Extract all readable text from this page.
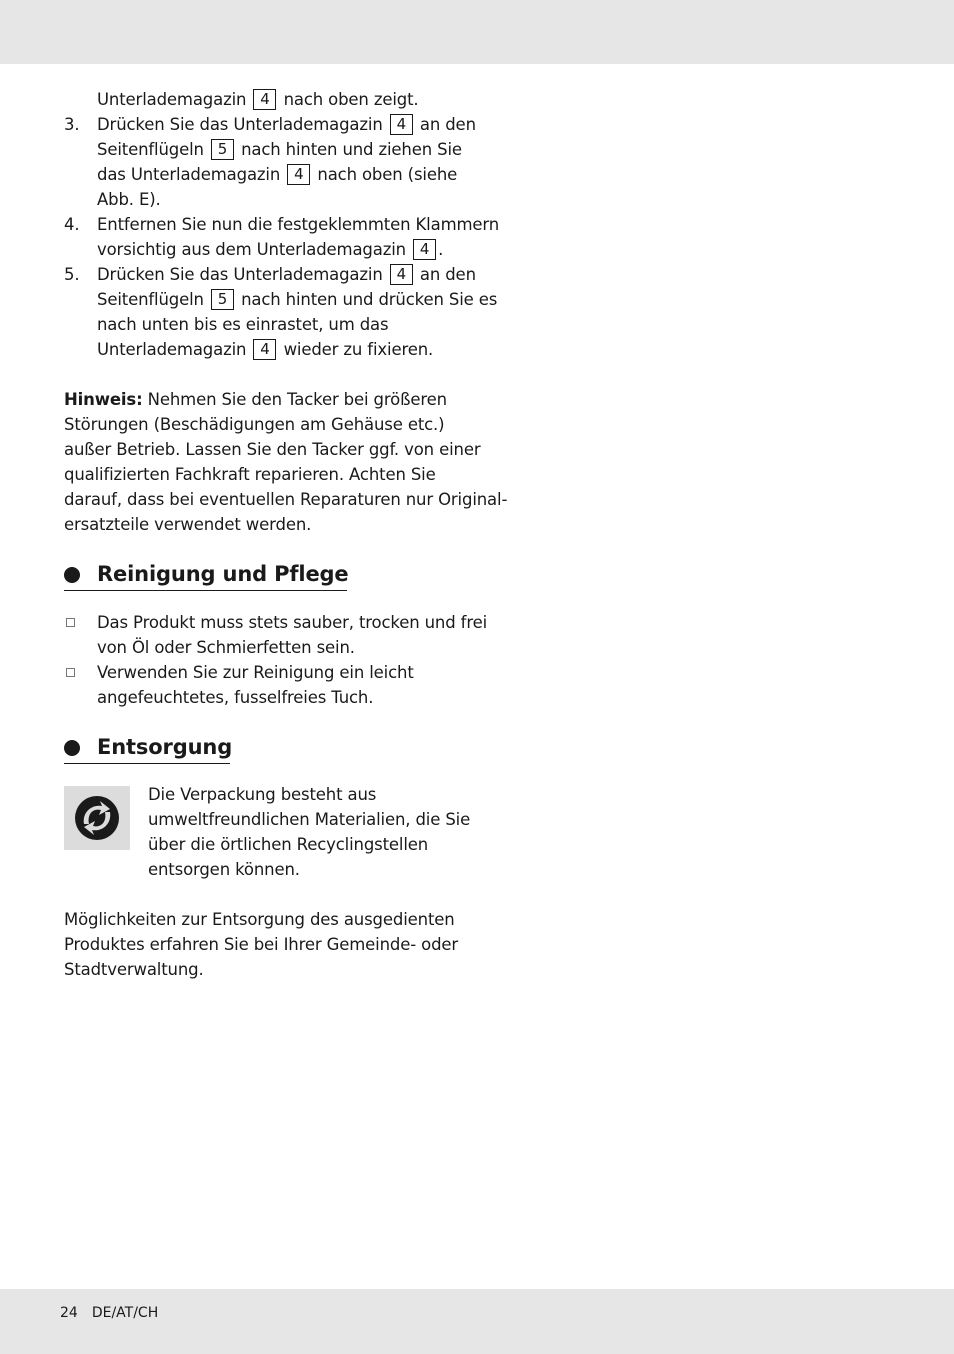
Unterlademagazin 4 nach oben zeigt.
3. Drücken Sie das Unterlademagazin 4 an den
Seitenflügeln 5 nach hinten und ziehen Sie
das Unterlademagazin 4 nach oben (siehe
Abb. E).
4. Entfernen Sie nun die festgeklemmten Klammern
vorsichtig aus dem Unterlademagazin 4 .
5. Drücken Sie das Unterlademagazin 4 an den
Seitenflügeln 5 nach hinten und drücken Sie es
nach unten bis es einrastet, um das
Unterlademagazin 4 wieder zu fixieren.
Hinweis: Nehmen Sie den Tacker bei größeren
Störungen (Beschädigungen am Gehäuse etc.)
außer Betrieb. Lassen Sie den Tacker ggf. von einer
qualifizierten Fachkraft reparieren. Achten Sie
darauf, dass bei eventuellen Reparaturen nur Original-
ersatzteile verwendet werden.
Reinigung und Pflege
Das Produkt muss stets sauber, trocken und frei
von Öl oder Schmierfetten sein.
Verwenden Sie zur Reinigung ein leicht
angefeuchtetes, fusselfreies Tuch.
Entsorgung
Die Verpackung besteht aus
umweltfreundlichen Materialien, die Sie
über die örtlichen Recyclingstellen
entsorgen können.
Möglichkeiten zur Entsorgung des ausgedienten
Produktes erfahren Sie bei Ihrer Gemeinde- oder
Stadtverwaltung.
24 DE/AT/CH
